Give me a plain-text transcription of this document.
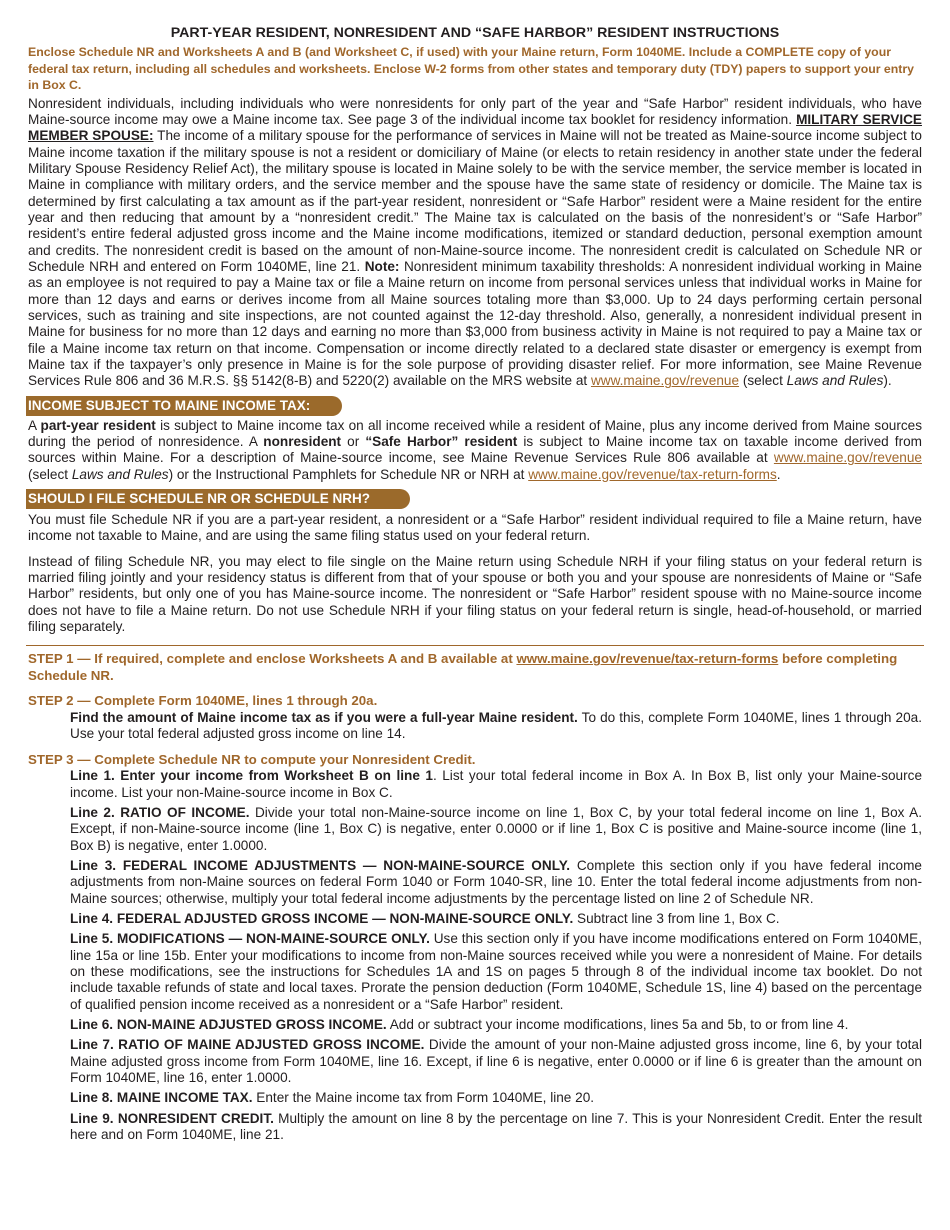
PART-YEAR RESIDENT, NONRESIDENT AND “SAFE HARBOR” RESIDENT INSTRUCTIONS

Enclose Schedule NR and Worksheets A and B (and Worksheet C, if used) with your Maine return, Form 1040ME. Include a COMPLETE copy of your federal tax return, including all schedules and worksheets. Enclose W-2 forms from other states and temporary duty (TDY) papers to support your entry in Box C.

Nonresident individuals, including individuals who were nonresidents for only part of the year and “Safe Harbor” resident individuals, who have Maine-source income may owe a Maine income tax. See page 3 of the individual income tax booklet for residency information. MILITARY SERVICE MEMBER SPOUSE: The income of a military spouse for the performance of services in Maine will not be treated as Maine-source income subject to Maine income taxation if the military spouse is not a resident or domiciliary of Maine (or elects to retain residency in another state under the federal Military Spouse Residency Relief Act), the military spouse is located in Maine solely to be with the service member, the service member is located in Maine in compliance with military orders, and the service member and the spouse have the same state of residency or domicile. The Maine tax is determined by first calculating a tax amount as if the part-year resident, nonresident or “Safe Harbor” resident were a Maine resident for the entire year and then reducing that amount by a “nonresident credit.” The Maine tax is calculated on the basis of the nonresident’s or “Safe Harbor” resident’s entire federal adjusted gross income and the Maine income modifications, itemized or standard deduction, personal exemption amount and credits. The nonresident credit is based on the amount of non-Maine-source income. The nonresident credit is calculated on Schedule NR or Schedule NRH and entered on Form 1040ME, line 21. Note: Nonresident minimum taxability thresholds: A nonresident individual working in Maine as an employee is not required to pay a Maine tax or file a Maine return on income from personal services unless that individual works in Maine for more than 12 days and earns or derives income from all Maine sources totaling more than $3,000. Up to 24 days performing certain personal services, such as training and site inspections, are not counted against the 12-day threshold. Also, generally, a nonresident individual present in Maine for business for no more than 12 days and earning no more than $3,000 from business activity in Maine is not required to pay a Maine tax or file a Maine income tax return on that income. Compensation or income directly related to a declared state disaster or emergency is exempt from Maine tax if the taxpayer’s only presence in Maine is for the sole purpose of providing disaster relief. For more information, see Maine Revenue Services Rule 806 and 36 M.R.S. §§ 5142(8-B) and 5220(2) available on the MRS website at www.maine.gov/revenue (select Laws and Rules).

INCOME SUBJECT TO MAINE INCOME TAX:

A part-year resident is subject to Maine income tax on all income received while a resident of Maine, plus any income derived from Maine sources during the period of nonresidence. A nonresident or “Safe Harbor” resident is subject to Maine income tax on taxable income derived from sources within Maine. For a description of Maine-source income, see Maine Revenue Services Rule 806 available at www.maine.gov/revenue (select Laws and Rules) or the Instructional Pamphlets for Schedule NR or NRH at www.maine.gov/revenue/tax-return-forms.

SHOULD I FILE SCHEDULE NR OR SCHEDULE NRH?

You must file Schedule NR if you are a part-year resident, a nonresident or a “Safe Harbor” resident individual required to file a Maine return, have income not taxable to Maine, and are using the same filing status used on your federal return.

Instead of filing Schedule NR, you may elect to file single on the Maine return using Schedule NRH if your filing status on your federal return is married filing jointly and your residency status is different from that of your spouse or both you and your spouse are nonresidents of Maine or “Safe Harbor” residents, but only one of you has Maine-source income. The nonresident or “Safe Harbor” resident spouse with no Maine-source income does not have to file a Maine return. Do not use Schedule NRH if your filing status on your federal return is single, head-of-household, or married filing separately.

STEP 1 — If required, complete and enclose Worksheets A and B available at www.maine.gov/revenue/tax-return-forms before completing Schedule NR.

STEP 2 — Complete Form 1040ME, lines 1 through 20a.

Find the amount of Maine income tax as if you were a full-year Maine resident. To do this, complete Form 1040ME, lines 1 through 20a. Use your total federal adjusted gross income on line 14.

STEP 3 — Complete Schedule NR to compute your Nonresident Credit.

Line 1. Enter your income from Worksheet B on line 1. List your total federal income in Box A. In Box B, list only your Maine-source income. List your non-Maine-source income in Box C.

Line 2. RATIO OF INCOME. Divide your total non-Maine-source income on line 1, Box C, by your total federal income on line 1, Box A. Except, if non-Maine-source income (line 1, Box C) is negative, enter 0.0000 or if line 1, Box C is positive and Maine-source income (line 1, Box B) is negative, enter 1.0000.

Line 3. FEDERAL INCOME ADJUSTMENTS — NON-MAINE-SOURCE ONLY. Complete this section only if you have federal income adjustments from non-Maine sources on federal Form 1040 or Form 1040-SR, line 10. Enter the total federal income adjustments from non-Maine sources; otherwise, multiply your total federal income adjustments by the percentage listed on line 2 of Schedule NR.

Line 4. FEDERAL ADJUSTED GROSS INCOME — NON-MAINE-SOURCE ONLY. Subtract line 3 from line 1, Box C.

Line 5. MODIFICATIONS — NON-MAINE-SOURCE ONLY. Use this section only if you have income modifications entered on Form 1040ME, line 15a or line 15b. Enter your modifications to income from non-Maine sources received while you were a nonresident of Maine. For details on these modifications, see the instructions for Schedules 1A and 1S on pages 5 through 8 of the individual income tax booklet. Do not include taxable refunds of state and local taxes. Prorate the pension deduction (Form 1040ME, Schedule 1S, line 4) based on the percentage of qualified pension income received as a nonresident or a “Safe Harbor” resident.

Line 6. NON-MAINE ADJUSTED GROSS INCOME. Add or subtract your income modifications, lines 5a and 5b, to or from line 4.

Line 7. RATIO OF MAINE ADJUSTED GROSS INCOME. Divide the amount of your non-Maine adjusted gross income, line 6, by your total Maine adjusted gross income from Form 1040ME, line 16. Except, if line 6 is negative, enter 0.0000 or if line 6 is greater than the amount on Form 1040ME, line 16, enter 1.0000.

Line 8. MAINE INCOME TAX. Enter the Maine income tax from Form 1040ME, line 20.

Line 9. NONRESIDENT CREDIT. Multiply the amount on line 8 by the percentage on line 7. This is your Nonresident Credit. Enter the result here and on Form 1040ME, line 21.
